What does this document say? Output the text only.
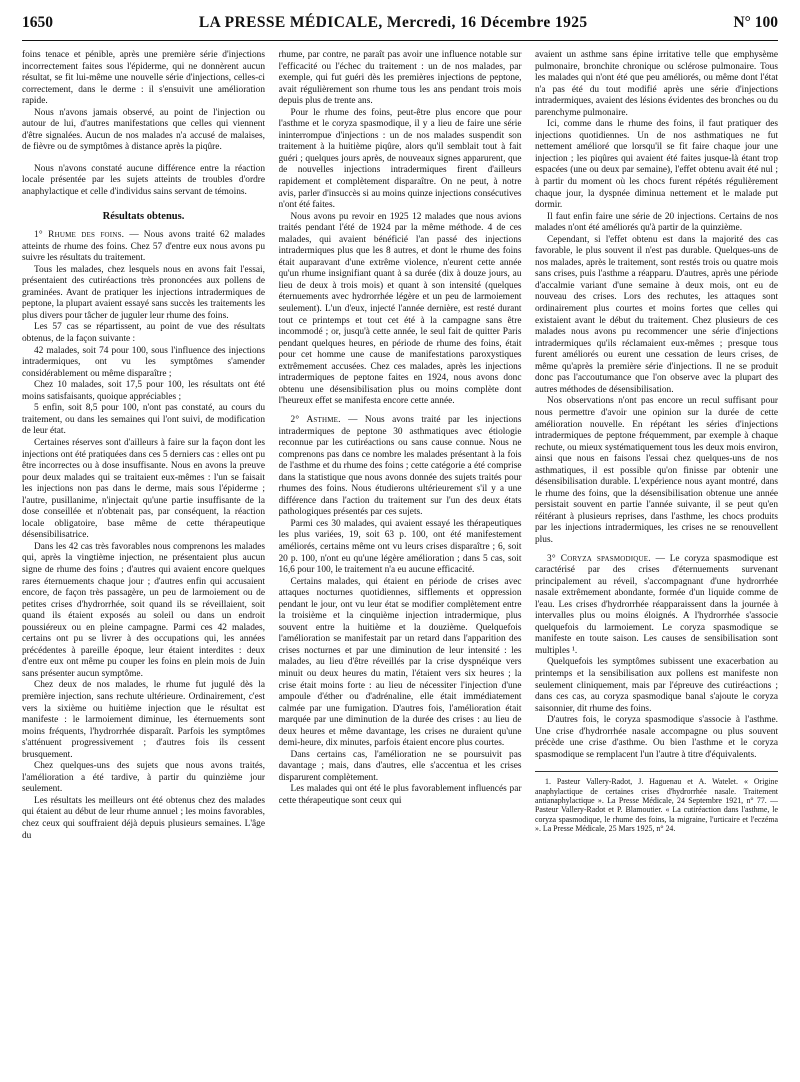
1650	LA PRESSE MÉDICALE, Mercredi, 16 Décembre 1925	N° 100

foins tenace et pénible, après une première série d'injections incorrectement faites sous l'épiderme, qui ne donnèrent aucun résultat, se fit lui-même une nouvelle série d'injections, celles-ci correctement, dans le derme : il s'ensuivit une amélioration rapide.

Nous n'avons jamais observé, au point de l'injection ou autour de lui, d'autres manifestations que celles qui viennent d'être signalées. Aucun de nos malades n'a accusé de malaises, de fièvre ou de symptômes à distance après la piqûre.

Nous n'avons constaté aucune différence entre la réaction locale présentée par les sujets atteints de troubles d'ordre anaphylactique et celle d'individus sains servant de témoins.

Résultats obtenus.

1° Rhume des foins. — Nous avons traité 62 malades atteints de rhume des foins. Chez 57 d'entre eux nous avons pu suivre les résultats du traitement.

Tous les malades, chez lesquels nous en avons fait l'essai, présentaient des cutiréactions très prononcées aux pollens de graminées. Avant de pratiquer les injections intradermiques de peptone, la plupart avaient essayé sans succès les traitements les plus divers pour tâcher de juguler leur rhume des foins.

Les 57 cas se répartissent, au point de vue des résultats obtenus, de la façon suivante :

42 malades, soit 74 pour 100, sous l'influence des injections intradermiques, ont vu les symptômes s'amender considérablement ou même disparaître ;

Chez 10 malades, soit 17,5 pour 100, les résultats ont été moins satisfaisants, quoique appréciables ;

5 enfin, soit 8,5 pour 100, n'ont pas constaté, au cours du traitement, ou dans les semaines qui l'ont suivi, de modification de leur état.

Certaines réserves sont d'ailleurs à faire sur la façon dont les injections ont été pratiquées dans ces 5 derniers cas : elles ont pu être incorrectes ou à dose insuffisante. Nous en avons la preuve pour deux malades qui se traitaient eux-mêmes : l'un se faisait les injections non pas dans le derme, mais sous l'épiderme ; l'autre, pusillanime, n'injectait qu'une partie insuffisante de la dose conseillée et n'obtenait pas, par conséquent, la réaction locale obligatoire, base même de cette thérapeutique désensibilisatrice.

Dans les 42 cas très favorables nous comprenons les malades qui, après la vingtième injection, ne présentaient plus aucun signe de rhume des foins ; d'autres qui avaient encore quelques rares éternuements chaque jour ; d'autres enfin qui accusaient encore, de façon très passagère, un peu de larmoiement ou de petites crises d'hydrorrhée, soit quand ils se réveillaient, soit quand ils étaient exposés au soleil ou dans un endroit poussiéreux ou en pleine campagne. Parmi ces 42 malades, certains ont pu se livrer à des occupations qui, les années précédentes à pareille époque, leur étaient interdites : deux d'entre eux ont même pu couper les foins en plein mois de Juin sans présenter aucun symptôme.

Chez deux de nos malades, le rhume fut jugulé dès la première injection, sans rechute ultérieure. Ordinairement, c'est vers la sixième ou huitième injection que le résultat est manifeste : le larmoiement diminue, les éternuements sont moins fréquents, l'hydrorrhée disparaît. Parfois les symptômes s'atténuent progressivement ; d'autres fois ils cessent brusquement.

Chez quelques-uns des sujets que nous avons traités, l'amélioration a été tardive, à partir du quinzième jour seulement.

Les résultats les meilleurs ont été obtenus chez des malades qui étaient au début de leur rhume annuel ; les moins favorables, chez ceux qui souffraient déjà depuis plusieurs semaines. L'âge du

rhume, par contre, ne paraît pas avoir une influence notable sur l'efficacité ou l'échec du traitement : un de nos malades, par exemple, qui fut guéri dès les premières injections de peptone, avait régulièrement son rhume tous les ans pendant trois mois depuis plus de trente ans.

Pour le rhume des foins, peut-être plus encore que pour l'asthme et le coryza spasmodique, il y a lieu de faire une série ininterrompue d'injections : un de nos malades suspendit son traitement à la huitième piqûre, alors qu'il semblait tout à fait guéri ; quelques jours après, de nouveaux signes apparurent, que de nouvelles injections intradermiques firent d'ailleurs rapidement et complètement disparaître. On ne peut, à notre avis, parler d'insuccès si au moins quinze injections consécutives n'ont été faites.

Nous avons pu revoir en 1925 12 malades que nous avions traités pendant l'été de 1924 par la même méthode. 4 de ces malades, qui avaient bénéficié l'an passé des injections intradermiques plus que les 8 autres, et dont le rhume des foins était auparavant d'une extrême violence, n'eurent cette année qu'un rhume insignifiant quant à sa durée (dix à douze jours, au lieu de deux à trois mois) et quant à son intensité (quelques éternuements avec hydrorrhée légère et un peu de larmoiement seulement). L'un d'eux, injecté l'année dernière, est resté durant tout ce printemps et tout cet été à la campagne sans être incommodé ; or, jusqu'à cette année, le seul fait de quitter Paris pendant quelques heures, en période de rhume des foins, était pour cet homme une cause de manifestations paroxystiques extrêmement accusées. Chez ces malades, après les injections intradermiques de peptone faites en 1924, nous avons donc obtenu une désensibilisation plus ou moins complète dont l'heureux effet se manifesta encore cette année.

2° Asthme. — Nous avons traité par les injections intradermiques de peptone 30 asthmatiques avec étiologie reconnue par les cutiréactions ou sans cause connue. Nous ne comprenons pas dans ce nombre les malades présentant à la fois de l'asthme et du rhume des foins ; cette catégorie a été comprise dans la statistique que nous avons donnée des sujets traités pour rhumes des foins. Nous étudierons ultérieurement s'il y a une différence dans l'action du traitement sur l'un des deux états pathologiques présentés par ces sujets.

Parmi ces 30 malades, qui avaient essayé les thérapeutiques les plus variées, 19, soit 63 p. 100, ont été manifestement améliorés, certains même ont vu leurs crises disparaître ; 6, soit 20 p. 100, n'ont eu qu'une légère amélioration ; dans 5 cas, soit 16,6 pour 100, le traitement n'a eu aucune efficacité.

Certains malades, qui étaient en période de crises avec attaques nocturnes quotidiennes, sifflements et oppression pendant le jour, ont vu leur état se modifier complètement entre la troisième et la cinquième injection intradermique, plus souvent entre la huitième et la douzième. Quelquefois l'amélioration se manifestait par un retard dans l'apparition des crises nocturnes et par une diminution de leur intensité : les malades, au lieu d'être réveillés par la crise dyspnéique vers minuit ou deux heures du matin, l'étaient vers six heures ; la crise était moins forte : au lieu de nécessiter l'injection d'une ampoule d'éther ou d'adrénaline, elle était immédiatement calmée par une fumigation. D'autres fois, l'amélioration était marquée par une diminution de la durée des crises : au lieu de deux heures et même davantage, les crises ne duraient qu'une demi-heure, dix minutes, parfois étaient encore plus courtes.

Dans certains cas, l'amélioration ne se poursuivit pas davantage ; mais, dans d'autres, elle s'accentua et les crises disparurent complètement.

Les malades qui ont été le plus favorablement influencés par cette thérapeutique sont ceux qui

avaient un asthme sans épine irritative telle que emphysème pulmonaire, bronchite chronique ou sclérose pulmonaire. Tous les malades qui n'ont été que peu améliorés, ou même dont l'état n'a pas été du tout modifié après une série d'injections intradermiques, avaient des lésions évidentes des bronches ou du parenchyme pulmonaire.

Ici, comme dans le rhume des foins, il faut pratiquer des injections quotidiennes. Un de nos asthmatiques ne fut nettement amélioré que lorsqu'il se fit faire chaque jour une injection ; les piqûres qui avaient été faites jusque-là étant trop espacées (une ou deux par semaine), l'effet obtenu avait été nul ; à partir du moment où les chocs furent répétés régulièrement chaque jour, la dyspnée diminua nettement et le malade put dormir.

Il faut enfin faire une série de 20 injections. Certains de nos malades n'ont été améliorés qu'à partir de la quinzième.

Cependant, si l'effet obtenu est dans la majorité des cas favorable, le plus souvent il n'est pas durable. Quelques-uns de nos malades, après le traitement, sont restés trois ou quatre mois sans crises, puis l'asthme a réapparu. D'autres, après une période d'accalmie variant d'une semaine à deux mois, ont eu de nouveau des crises. Lors des rechutes, les attaques sont ordinairement plus courtes et moins fortes que celles qui existaient avant le début du traitement. Chez plusieurs de ces malades nous avons pu recommencer une série d'injections intradermiques qu'ils réclamaient eux-mêmes ; presque tous furent améliorés ou eurent une cessation de leurs crises, de même qu'après la première série d'injections. Il ne se produit donc pas l'accoutumance que l'on observe avec la plupart des autres méthodes de désensibilisation.

Nos observations n'ont pas encore un recul suffisant pour nous permettre d'avoir une opinion sur la durée de cette amélioration nouvelle. En répétant les séries d'injections intradermiques de peptone fréquemment, par exemple à chaque rechute, ou mieux systématiquement tous les deux mois environ, ainsi que nous en faisons l'essai chez quelques-uns de nos asthmatiques, il est possible qu'on finisse par obtenir une désensibilisation durable. L'expérience nous ayant montré, dans le rhume des foins, que la désensibilisation obtenue une année persistait souvent en partie l'année suivante, il se peut qu'en réitérant à plusieurs reprises, dans l'asthme, les chocs produits par les injections intradermiques, les crises ne se renouvellent plus.

3° Coryza spasmodique. — Le coryza spasmodique est caractérisé par des crises d'éternuements survenant principalement au réveil, s'accompagnant d'une hydrorrhée nasale extrêmement abondante, formée d'un liquide comme de l'eau. Les crises d'hydrorrhée réapparaissent dans la journée à intervalles plus ou moins éloignés. A l'hydrorrhée s'associe quelquefois du larmoiement. Le coryza spasmodique se manifeste en toute saison. Les causes de sensibilisation sont multiples ¹.

Quelquefois les symptômes subissent une exacerbation au printemps et la sensibilisation aux pollens est manifeste non seulement cliniquement, mais par l'épreuve des cutiréactions ; dans ces cas, au coryza spasmodique banal s'ajoute le coryza saisonnier, dit rhume des foins.

D'autres fois, le coryza spasmodique s'associe à l'asthme. Une crise d'hydrorrhée nasale accompagne ou plus souvent précède une crise d'asthme. Ou bien l'asthme et le coryza spasmodique se remplacent l'un l'autre à titre d'équivalents.

1. Pasteur Vallery-Radot, J. Haguenau et A. Watelet. « Origine anaphylactique de certaines crises d'hydrorrhée nasale. Traitement antianaphylactique ». La Presse Médicale, 24 Septembre 1921, n° 77. — Pasteur Vallery-Radot et P. Blamoutier. « La cutiréaction dans l'asthme, le coryza spasmodique, le rhume des foins, la migraine, l'urticaire et l'eczéma ». La Presse Médicale, 25 Mars 1925, n° 24.
